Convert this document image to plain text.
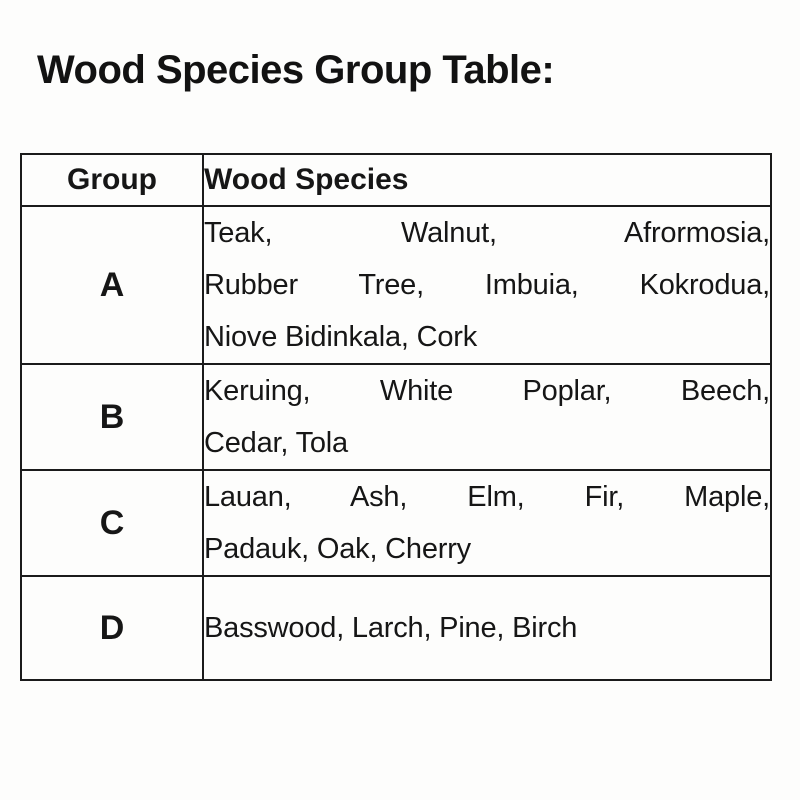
Wood Species Group Table:
Group	Wood Species
A	Teak, Walnut, Afrormosia,
Rubber Tree, Imbuia, Kokrodua,
Niove Bidinkala, Cork

B	Keruing, White Poplar, Beech,
Cedar, Tola

C	Lauan, Ash, Elm, Fir, Maple,
Padauk, Oak, Cherry

D	Basswood, Larch, Pine, Birch
